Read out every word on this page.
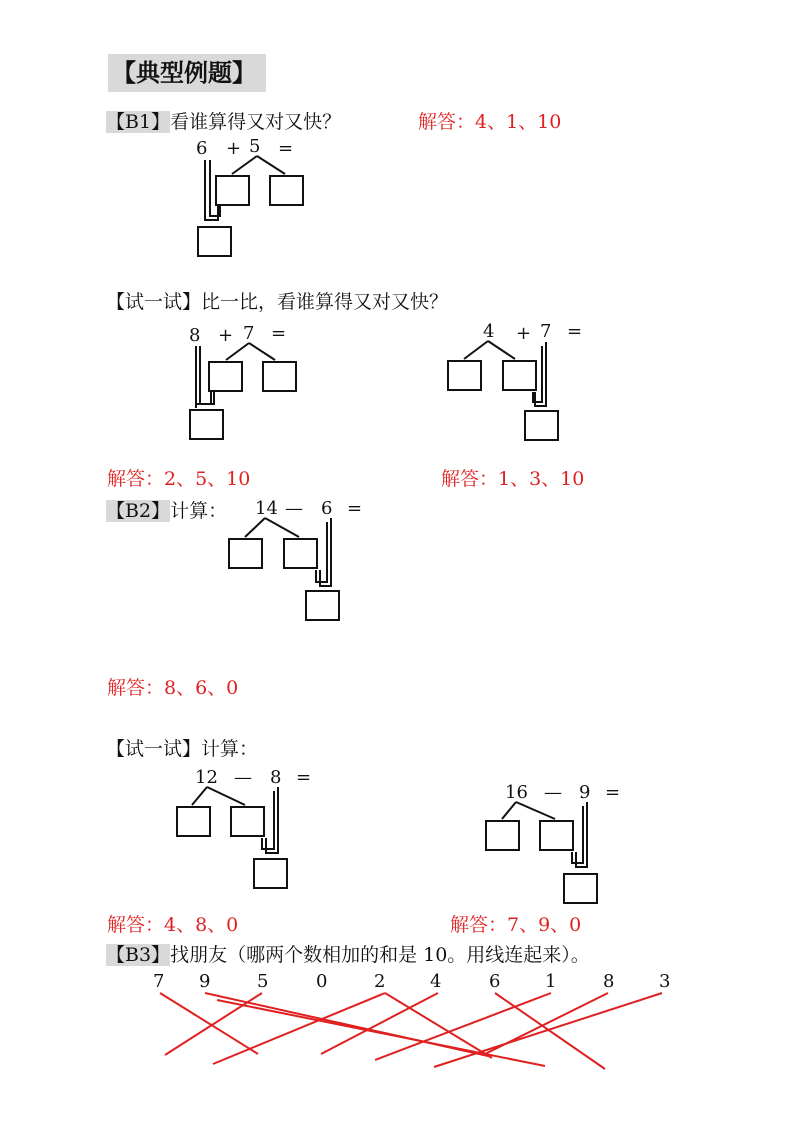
【典型例题】
【B1】看谁算得又对又快？	解答：4、1、10
6 + 5 =
【试一试】比一比，看谁算得又对又快？
8 + 7 =	4 + 7 =
解答：2、5、10	解答：1、3、10
【B2】计算： 14 — 6 =
解答：8、6、0
【试一试】计算：
12 — 8 =
16 — 9 =
解答：4、8、0	解答：7、9、0
【B3】找朋友（哪两个数相加的和是 10。用线连起来）。
7 9	5	0	2 4	6 1	8 3
